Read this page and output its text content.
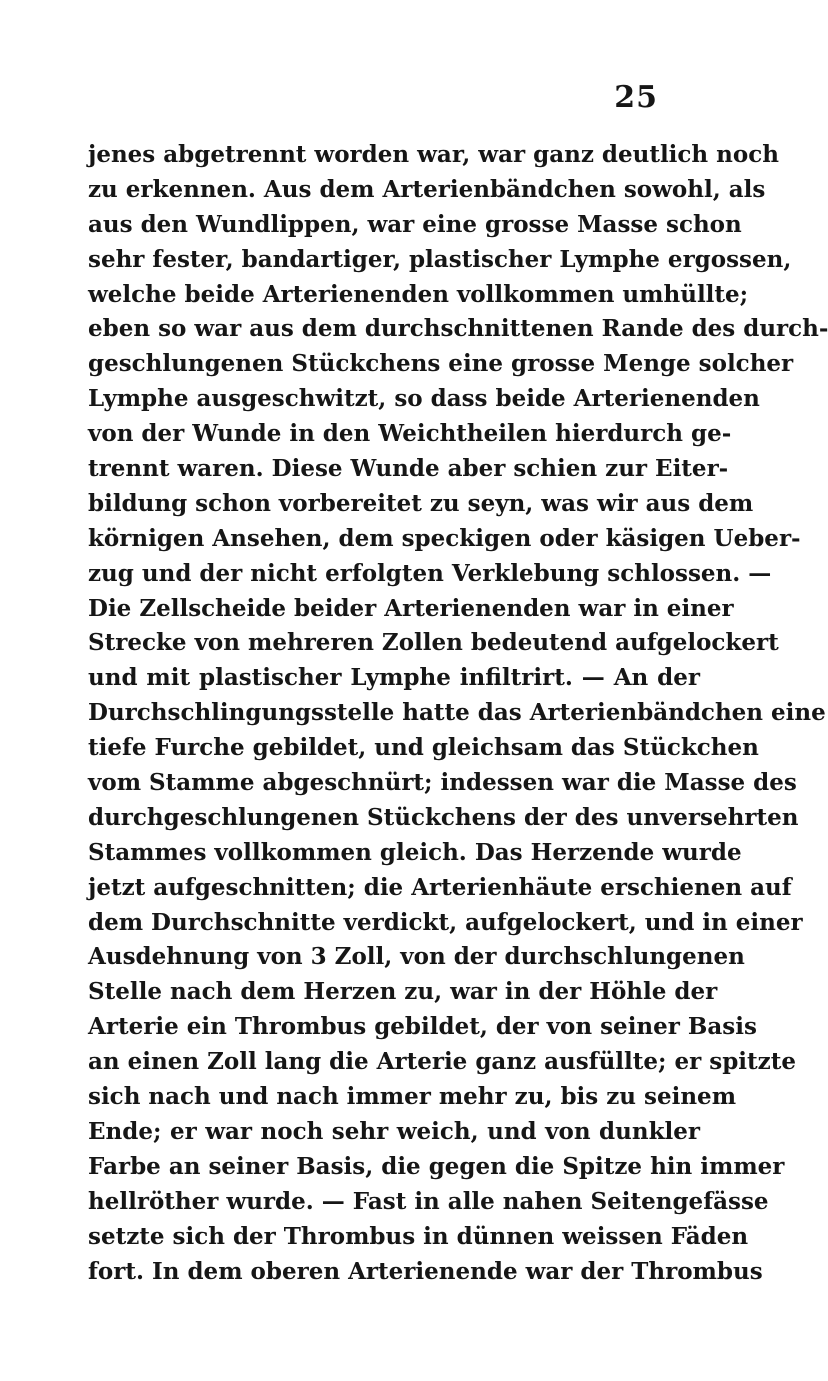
25
jenes abgetrennt worden war, war ganz deutlich noch
zu erkennen. Aus dem Arterienbändchen sowohl, als
aus den Wundlippen, war eine grosse Masse schon
sehr fester, bandartiger, plastischer Lymphe ergossen,
welche beide Arterienenden vollkommen umhüllte;
eben so war aus dem durchschnittenen Rande des durch-
geschlungenen Stückchens eine grosse Menge solcher
Lymphe ausgeschwitzt, so dass beide Arterienenden
von der Wunde in den Weichtheilen hierdurch ge-
trennt waren. Diese Wunde aber schien zur Eiter-
bildung schon vorbereitet zu seyn, was wir aus dem
körnigen Ansehen, dem speckigen oder käsigen Ueber-
zug und der nicht erfolgten Verklebung schlossen. —
Die Zellscheide beider Arterienenden war in einer
Strecke von mehreren Zollen bedeutend aufgelockert
und mit plastischer Lymphe infiltrirt. — An der
Durchschlingungsstelle hatte das Arterienbändchen eine
tiefe Furche gebildet, und gleichsam das Stückchen
vom Stamme abgeschnürt; indessen war die Masse des
durchgeschlungenen Stückchens der des unversehrten
Stammes vollkommen gleich. Das Herzende wurde
jetzt aufgeschnitten; die Arterienhäute erschienen auf
dem Durchschnitte verdickt, aufgelockert, und in einer
Ausdehnung von 3 Zoll, von der durchschlungenen
Stelle nach dem Herzen zu, war in der Höhle der
Arterie ein Thrombus gebildet, der von seiner Basis
an einen Zoll lang die Arterie ganz ausfüllte; er spitzte
sich nach und nach immer mehr zu, bis zu seinem
Ende; er war noch sehr weich, und von dunkler
Farbe an seiner Basis, die gegen die Spitze hin immer
hellröther wurde. — Fast in alle nahen Seitengefässe
setzte sich der Thrombus in dünnen weissen Fäden
fort. In dem oberen Arterienende war der Thrombus
